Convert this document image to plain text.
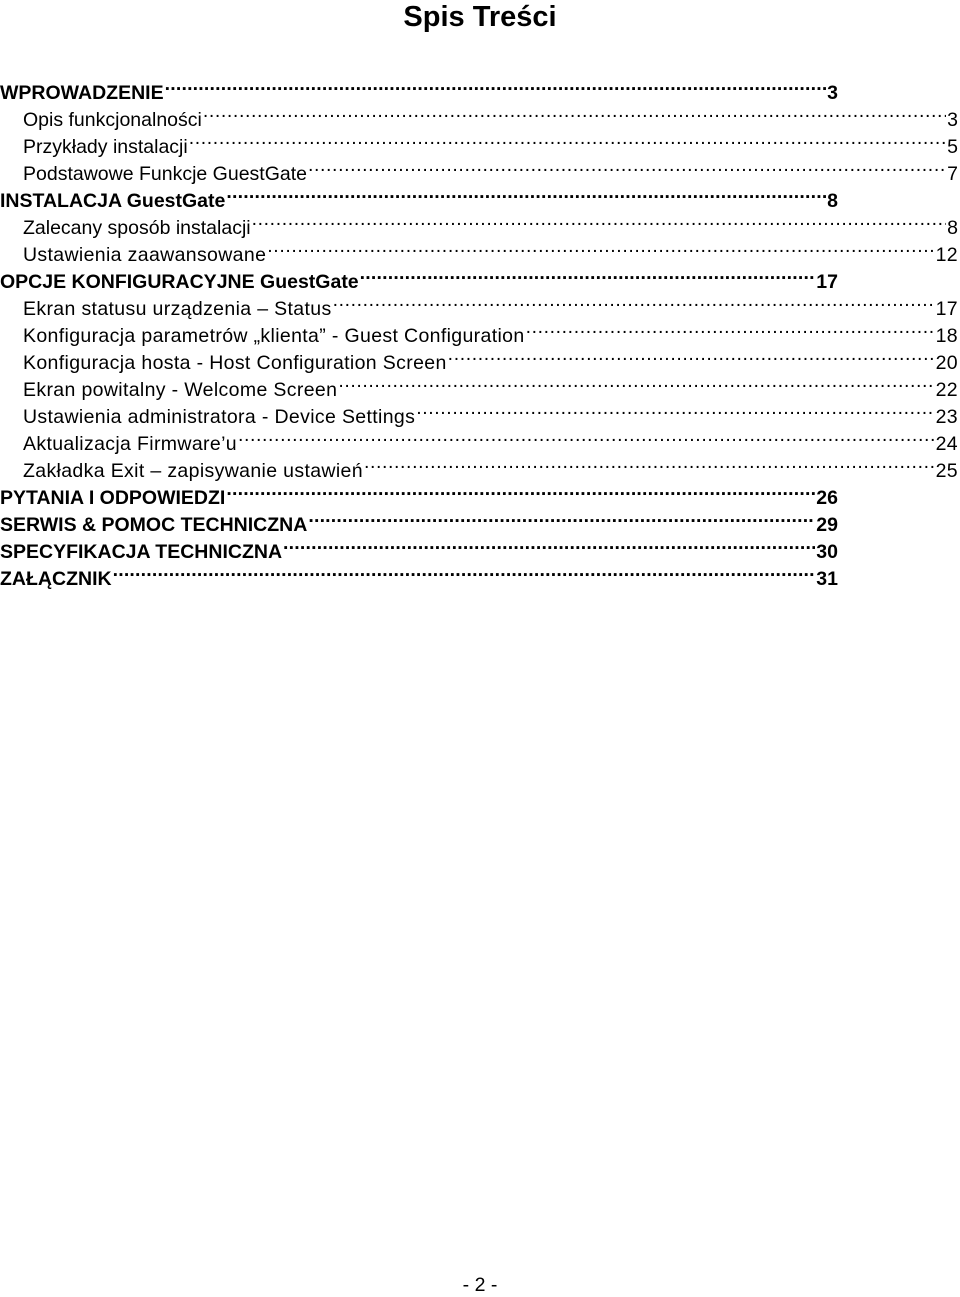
Spis Treści
WPROWADZENIE .....	3
Opis funkcjonalności .....	3
Przykłady instalacji .....	5
Podstawowe Funkcje GuestGate .....	7
INSTALACJA GuestGate .....	8
Zalecany sposób instalacji .....	8
Ustawienia zaawansowane .....	12
OPCJE KONFIGURACYJNE GuestGate .....	17
Ekran statusu urządzenia – Status .....	17
Konfiguracja parametrów „klienta” - Guest Configuration .....	18
Konfiguracja hosta - Host Configuration Screen .....	20
Ekran powitalny - Welcome Screen .....	22
Ustawienia administratora - Device Settings .....	23
Aktualizacja Firmware’u .....	24
Zakładka Exit – zapisywanie ustawień .....	25
PYTANIA I ODPOWIEDZI .....	26
SERWIS & POMOC TECHNICZNA .....	29
SPECYFIKACJA TECHNICZNA .....	30
ZAŁĄCZNIK .....	31
- 2 -
